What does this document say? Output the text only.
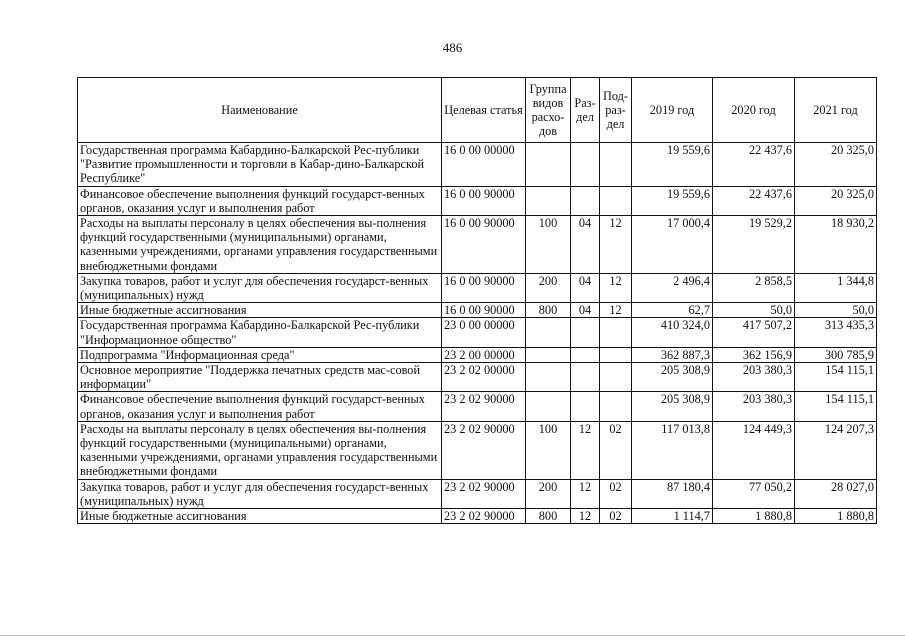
486
Наименование	Целевая статья	Группа видов расхо-дов	Раз-дел	Под-раз-дел	2019 год	2020 год	2021 год
Государственная программа Кабардино-Балкарской Рес-публики "Развитие промышленности и торговли в Кабар-дино-Балкарской Республике"	16 0 00 00000				19 559,6	22 437,6	20 325,0
Финансовое обеспечение выполнения функций государст-венных органов, оказания услуг и выполнения работ	16 0 00 90000				19 559,6	22 437,6	20 325,0
Расходы на выплаты персоналу в целях обеспечения вы-полнения функций государственными (муниципальными) органами, казенными учреждениями, органами управления государственными внебюджетными фондами	16 0 00 90000	100	04	12	17 000,4	19 529,2	18 930,2
Закупка товаров, работ и услуг для обеспечения государст-венных (муниципальных) нужд	16 0 00 90000	200	04	12	2 496,4	2 858,5	1 344,8
Иные бюджетные ассигнования	16 0 00 90000	800	04	12	62,7	50,0	50,0
Государственная программа Кабардино-Балкарской Рес-публики "Информационное общество"	23 0 00 00000				410 324,0	417 507,2	313 435,3
Подпрограмма "Информационная среда"	23 2 00 00000				362 887,3	362 156,9	300 785,9
Основное мероприятие "Поддержка печатных средств мас-совой информации"	23 2 02 00000				205 308,9	203 380,3	154 115,1
Финансовое обеспечение выполнения функций государст-венных органов, оказания услуг и выполнения работ	23 2 02 90000				205 308,9	203 380,3	154 115,1
Расходы на выплаты персоналу в целях обеспечения вы-полнения функций государственными (муниципальными) органами, казенными учреждениями, органами управления государственными внебюджетными фондами	23 2 02 90000	100	12	02	117 013,8	124 449,3	124 207,3
Закупка товаров, работ и услуг для обеспечения государст-венных (муниципальных) нужд	23 2 02 90000	200	12	02	87 180,4	77 050,2	28 027,0
Иные бюджетные ассигнования	23 2 02 90000	800	12	02	1 114,7	1 880,8	1 880,8
